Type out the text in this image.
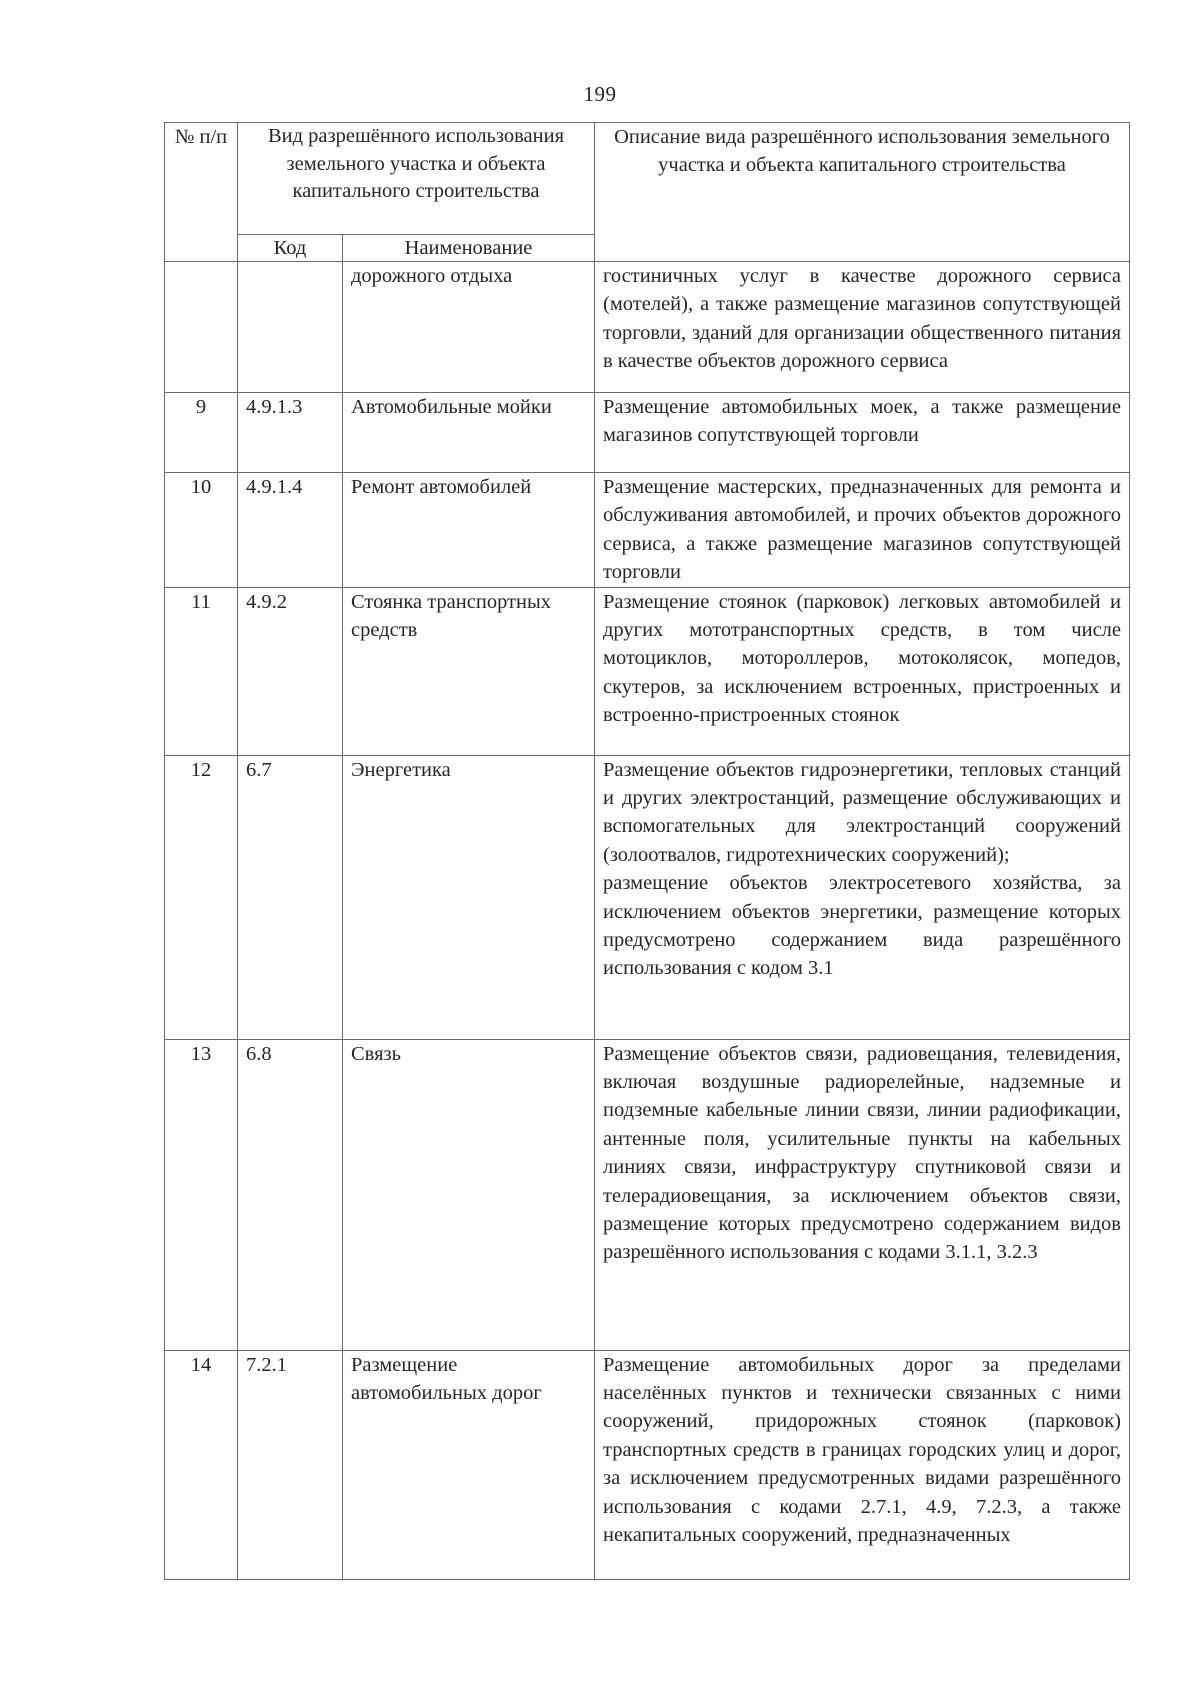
199
№ п/п	Вид разрешённого использования земельного участка и объекта капитального строительства		Описание вида разрешённого использования земельного участка и объекта капитального строительства
	Код	Наименование	
		дорожного отдыха	гостиничных услуг в качестве дорожного сервиса (мотелей), а также размещение магазинов сопутствующей торговли, зданий для организации общественного питания в качестве объектов дорожного сервиса
9	4.9.1.3	Автомобильные мойки	Размещение автомобильных моек, а также размещение магазинов сопутствующей торговли
10	4.9.1.4	Ремонт автомобилей	Размещение мастерских, предназначенных для ремонта и обслуживания автомобилей, и прочих объектов дорожного сервиса, а также размещение магазинов сопутствующей торговли
11	4.9.2	Стоянка транспортных средств	Размещение стоянок (парковок) легковых автомобилей и других мототранспортных средств, в том числе мотоциклов, мотороллеров, мотоколясок, мопедов, скутеров, за исключением встроенных, пристроенных и встроенно-пристроенных стоянок
12	6.7	Энергетика	Размещение объектов гидроэнергетики, тепловых станций и других электростанций, размещение обслуживающих и вспомогательных для электростанций сооружений (золоотвалов, гидротехнических сооружений);
размещение объектов электросетевого хозяйства, за исключением объектов энергетики, размещение которых предусмотрено содержанием вида разрешённого использования с кодом 3.1
13	6.8	Связь	Размещение объектов связи, радиовещания, телевидения, включая воздушные радиорелейные, надземные и подземные кабельные линии связи, линии радиофикации, антенные поля, усилительные пункты на кабельных линиях связи, инфраструктуру спутниковой связи и телерадиовещания, за исключением объектов связи, размещение которых предусмотрено содержанием видов разрешённого использования с кодами 3.1.1, 3.2.3
14	7.2.1	Размещение автомобильных дорог	Размещение автомобильных дорог за пределами населённых пунктов и технически связанных с ними сооружений, придорожных стоянок (парковок) транспортных средств в границах городских улиц и дорог, за исключением предусмотренных видами разрешённого использования с кодами 2.7.1, 4.9, 7.2.3, а также некапитальных сооружений, предназначенных
